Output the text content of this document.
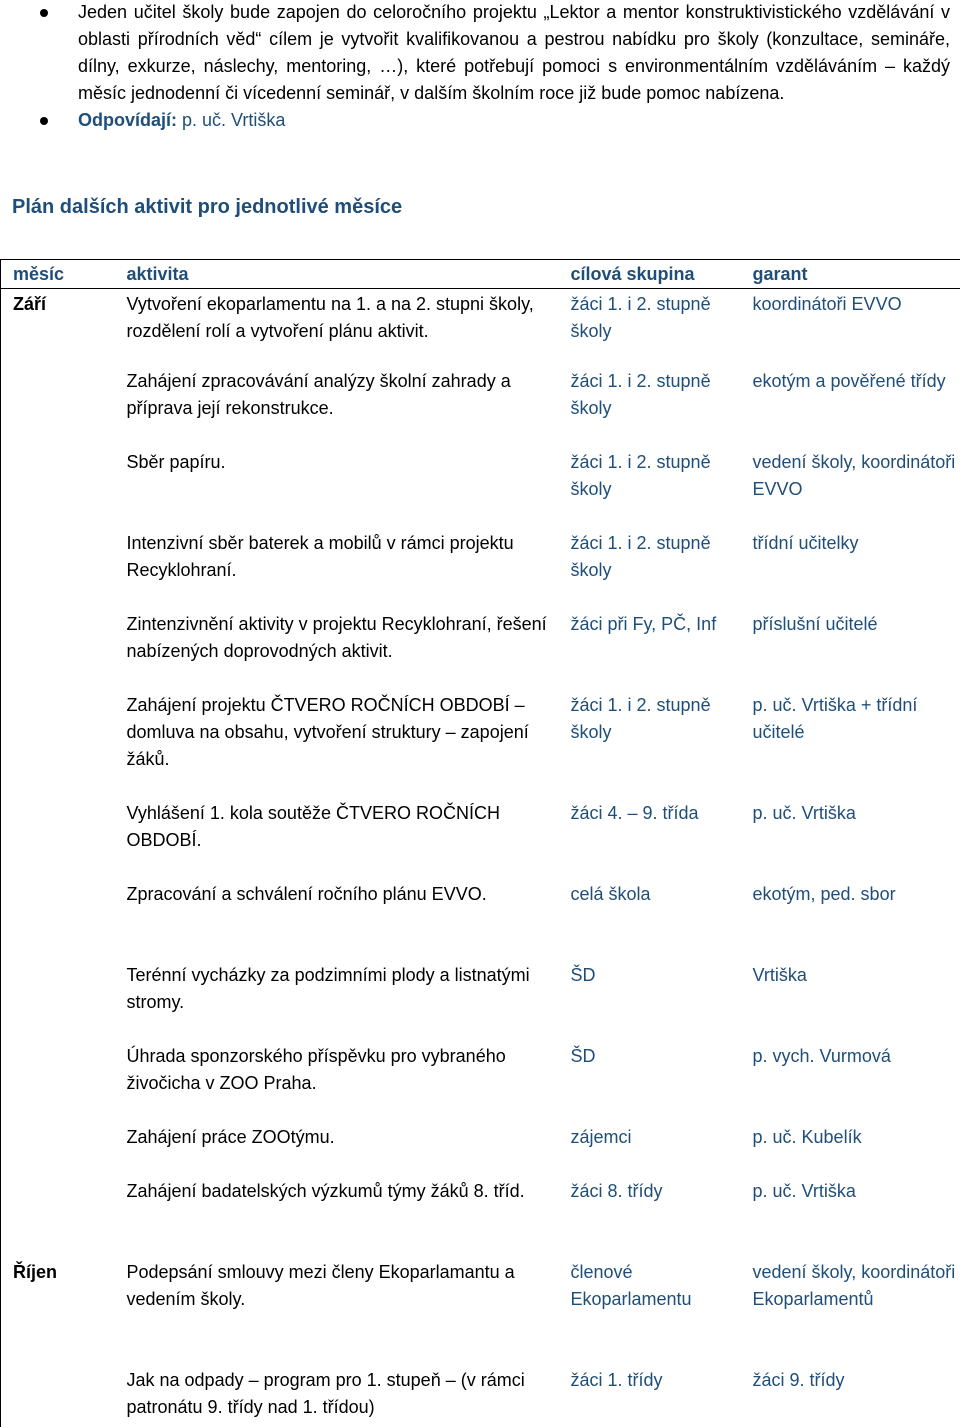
Jeden učitel školy bude zapojen do celoročního projektu „Lektor a mentor konstruktivistického vzdělávání v oblasti přírodních věd“ cílem je vytvořit kvalifikovanou a pestrou nabídku pro školy (konzultace, semináře, dílny, exkurze, náslechy, mentoring, …), které potřebují pomoci s environmentálním vzděláváním – každý měsíc jednodenní či vícedenní seminář, v dalším školním roce již bude pomoc nabízena.
Odpovídají: p. uč. Vrtiška
Plán dalších aktivit pro jednotlivé měsíce
měsíc	aktivita	cílová skupina	garant
Září	Vytvoření ekoparlamentu na 1. a na 2. stupni školy, rozdělení rolí a vytvoření plánu aktivit.	žáci 1. i 2. stupně školy	koordinátoři EVVO
	Zahájení zpracovávání analýzy školní zahrady a příprava její rekonstrukce.	žáci 1. i 2. stupně školy	ekotým a pověřené třídy
	Sběr papíru.	žáci 1. i 2. stupně školy	vedení školy, koordinátoři EVVO
	Intenzivní sběr baterek a mobilů v rámci projektu Recyklohraní.	žáci 1. i 2. stupně školy	třídní učitelky
	Zintenzivnění aktivity v projektu Recyklohraní, řešení nabízených doprovodných aktivit.	žáci při Fy, PČ, Inf	příslušní učitelé
	Zahájení projektu ČTVERO ROČNÍCH OBDOBÍ – domluva na obsahu, vytvoření struktury – zapojení žáků.	žáci 1. i 2. stupně školy	p. uč. Vrtiška + třídní učitelé
	Vyhlášení 1. kola soutěže ČTVERO ROČNÍCH OBDOBÍ.	žáci 4. – 9. třída	p. uč. Vrtiška
	Zpracování a schválení ročního plánu EVVO.	celá škola	ekotým, ped. sbor
	Terénní vycházky za podzimními plody a listnatými stromy.	ŠD	Vrtiška
	Úhrada sponzorského příspěvku pro vybraného živočicha v ZOO Praha.	ŠD	p. vych. Vurmová
	Zahájení práce ZOOtýmu.	zájemci	p. uč. Kubelík
	Zahájení badatelských výzkumů týmy žáků 8. tříd.	žáci 8. třídy	p. uč. Vrtiška
Říjen	Podepsání smlouvy mezi členy Ekoparlamantu a vedením školy.	členové Ekoparlamentu	vedení školy, koordinátoři Ekoparlamentů
	Jak na odpady – program pro 1. stupeň – (v rámci patronátu 9. třídy nad 1. třídou)	žáci 1. třídy	žáci 9. třídy
